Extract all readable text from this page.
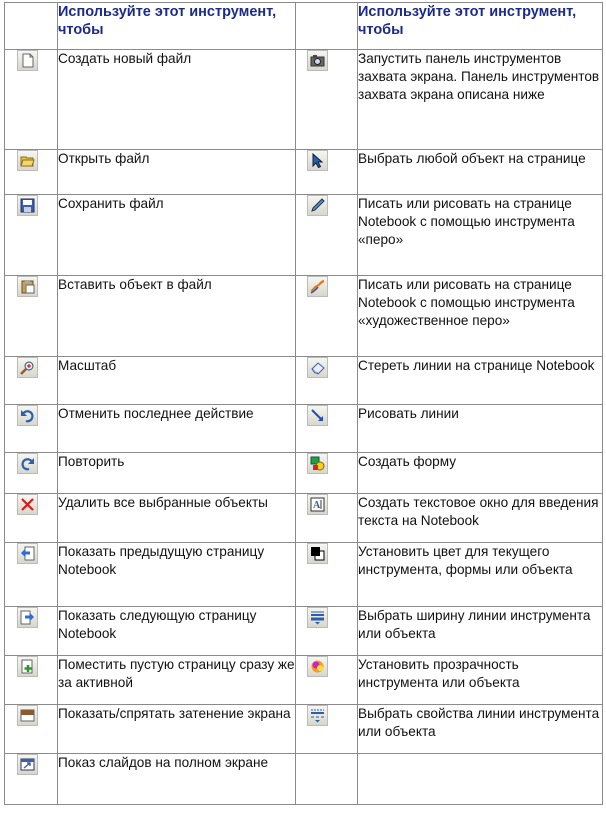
	Используйте этот инструмент, чтобы		Используйте этот инструмент, чтобы

	Создать новый файл		Запустить панель инструментов захвата экрана. Панель инструментов захвата экрана описана ниже

	Открыть файл		Выбрать любой объект на странице

	Сохранить файл		Писать или рисовать на странице Notebook с помощью инструмента «перо»

	Вставить объект в файл		Писать или рисовать на странице Notebook с помощью инструмента «художественное перо»

	Масштаб		Стереть линии на странице Notebook

	Отменить последнее действие		Рисовать линии

	Повторить		Создать форму

	Удалить все выбранные объекты	A	Создать текстовое окно для введения текста на Notebook

	Показать предыдущую страницу Notebook		Установить цвет для текущего инструмента, формы или объекта

	Показать следующую страницу Notebook		Выбрать ширину линии инструмента или объекта

	Поместить пустую страницу сразу же за активной		Установить прозрачность инструмента или объекта

	Показать/спрятать затенение экрана		Выбрать свойства линии инструмента или объекта

	Показ слайдов на полном экране		
